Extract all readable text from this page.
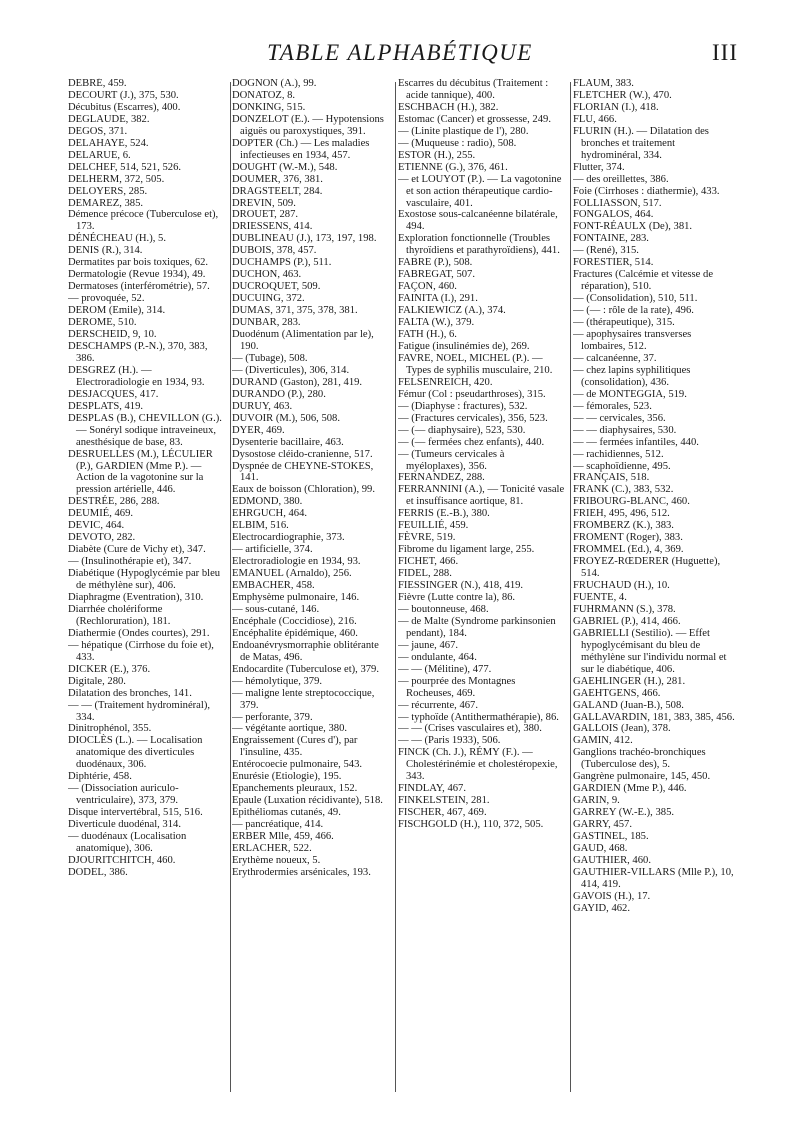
TABLE ALPHABÉTIQUE	III
DEBRÉ, 459.
DECOURT (J.), 375, 530.
Décubitus (Escarres), 400.
DEGLAUDE, 382.
DEGOS, 371.
DELAHAYE, 524.
DELARUE, 6.
DELCHEF, 514, 521, 526.
DELHERM, 372, 505.
DELOYERS, 285.
DEMAREZ, 385.
Démence précoce (Tuberculose et), 173.
DÉNÉCHEAU (H.), 5.
DENIS (R.), 314.
Dermatites par bois toxiques, 62.
Dermatologie (Revue 1934), 49.
Dermatoses (interférométrie), 57.
— provoquée, 52.
DEROM (Emile), 314.
DEROME, 510.
DERSCHEID, 9, 10.
DESCHAMPS (P.-N.), 370, 383, 386.
DESGREZ (H.). — Electroradiologie en 1934, 93.
DESJACQUES, 417.
DESPLATS, 419.
DESPLAS (B.), CHEVILLON (G.). — Sonéryl sodique intraveineux, anesthésique de base, 83.
DESRUELLES (M.), LÉCULIER (P.), GARDIEN (Mme P.). — Action de la vagotonine sur la pression artérielle, 446.
DESTRÉE, 286, 288.
DEUMIÉ, 469.
DEVIC, 464.
DEVOTO, 282.
Diabète (Cure de Vichy et), 347.
— (Insulinothérapie et), 347.
Diabétique (Hypoglycémie par bleu de méthylène sur), 406.
Diaphragme (Eventration), 310.
Diarrhée cholériforme (Rechloruration), 181.
Diathermie (Ondes courtes), 291.
— hépatique (Cirrhose du foie et), 433.
DICKER (E.), 376.
Digitale, 280.
Dilatation des bronches, 141.
— — (Traitement hydrominéral), 334.
Dinitrophénol, 355.
DIOCLÈS (L.). — Localisation anatomique des diverticules duodénaux, 306.
Diphtérie, 458.
— (Dissociation auriculo-ventriculaire), 373, 379.
Disque intervertébral, 515, 516.
Diverticule duodénal, 314.
— duodénaux (Localisation anatomique), 306.
DJOURITCHITCH, 460.
DODEL, 386.
DOGNON (A.), 99.
DONATOZ, 8.
DONKING, 515.
DONZELOT (E.). — Hypotensions aiguës ou paroxystiques, 391.
DOPTER (Ch.) — Les maladies infectieuses en 1934, 457.
DOUGHT (W.-M.), 548.
DOUMER, 376, 381.
DRAGSTEELT, 284.
DREVIN, 509.
DROUET, 287.
DRIESSENS, 414.
DUBLINEAU (J.), 173, 197, 198.
DUBOIS, 378, 457.
DUCHAMPS (P.), 511.
DUCHON, 463.
DUCROQUET, 509.
DUCUING, 372.
DUMAS, 371, 375, 378, 381.
DUNBAR, 283.
Duodénum (Alimentation par le), 190.
— (Tubage), 508.
— (Diverticules), 306, 314.
DURAND (Gaston), 281, 419.
DURANDO (P.), 280.
DURUY, 463.
DUVOIR (M.), 506, 508.
DYER, 469.
Dysenterie bacillaire, 463.
Dysostose cléido-cranienne, 517.
Dyspnée de CHEYNE-STOKES, 141.
Eaux de boisson (Chloration), 99.
EDMOND, 380.
EHRGUCH, 464.
ELBIM, 516.
Electrocardiographie, 373.
— artificielle, 374.
Electroradiologie en 1934, 93.
EMANUEL (Arnaldo), 256.
EMBACHER, 458.
Emphysème pulmonaire, 146.
— sous-cutané, 146.
Encéphale (Coccidiose), 216.
Encéphalite épidémique, 460.
Endoanévrysmorraphie oblitérante de Matas, 496.
Endocardite (Tuberculose et), 379.
— hémolytique, 379.
— maligne lente streptococcique, 379.
— perforante, 379.
— végétante aortique, 380.
Engraissement (Cures d'), par l'insuline, 435.
Entérocoecie pulmonaire, 543.
Enurésie (Etiologie), 195.
Epanchements pleuraux, 152.
Epaule (Luxation récidivante), 518.
Epithéliomas cutanés, 49.
— pancréatique, 414.
ERBER Mlle, 459, 466.
ERLACHER, 522.
Erythème noueux, 5.
Erythrodermies arsénicales, 193.
Escarres du décubitus (Traitement : acide tannique), 400.
ESCHBACH (H.), 382.
Estomac (Cancer) et grossesse, 249.
— (Linite plastique de l'), 280.
— (Muqueuse : radio), 508.
ESTOR (H.), 255.
ETIENNE (G.), 376, 461.
— et LOUYOT (P.). — La vagotonine et son action thérapeutique cardio-vasculaire, 401.
Exostose sous-calcanéenne bilatérale, 494.
Exploration fonctionnelle (Troubles thyroïdiens et parathyroïdiens), 441.
FABRE (P.), 508.
FABREGAT, 507.
FAÇON, 460.
FAINITA (I.), 291.
FALKIEWICZ (A.), 374.
FALTA (W.), 379.
FATH (H.), 6.
Fatigue (insulinémies de), 269.
FAVRE, NOEL, MICHEL (P.). — Types de syphilis musculaire, 210.
FELSENREICH, 420.
Fémur (Col : pseudarthroses), 315.
— (Diaphyse : fractures), 532.
— (Fractures cervicales), 356, 523.
— (— diaphysaire), 523, 530.
— (— fermées chez enfants), 440.
— (Tumeurs cervicales à myéloplaxes), 356.
FERNANDEZ, 288.
FERRANNINI (A.), — Tonicité vasale et insuffisance aortique, 81.
FERRIS (E.-B.), 380.
FEUILLIÉ, 459.
FÈVRE, 519.
Fibrome du ligament large, 255.
FICHET, 466.
FIDEL, 288.
FIESSINGER (N.), 418, 419.
Fièvre (Lutte contre la), 86.
— boutonneuse, 468.
— de Malte (Syndrome parkinsonien pendant), 184.
— jaune, 467.
— ondulante, 464.
— — (Mélitine), 477.
— pourprée des Montagnes Rocheuses, 469.
— récurrente, 467.
— typhoïde (Antithermathérapie), 86.
— — (Crises vasculaires et), 380.
— — (Paris 1933), 506.
FINCK (Ch. J.), RÉMY (F.). — Cholestérinémie et cholestéropexie, 343.
FINDLAY, 467.
FINKELSTEIN, 281.
FISCHER, 467, 469.
FISCHGOLD (H.), 110, 372, 505.
FLAUM, 383.
FLETCHER (W.), 470.
FLORIAN (I.), 418.
FLU, 466.
FLURIN (H.). — Dilatation des bronches et traitement hydrominéral, 334.
Flutter, 374.
— des oreillettes, 386.
Foie (Cirrhoses : diathermie), 433.
FOLLIASSON, 517.
FONGALOS, 464.
FONT-RÉAULX (De), 381.
FONTAINE, 283.
— (René), 315.
FORESTIER, 514.
Fractures (Calcémie et vitesse de réparation), 510.
— (Consolidation), 510, 511.
— (— : rôle de la rate), 496.
— (thérapeutique), 315.
— apophysaires transverses lombaires, 512.
— calcanéenne, 37.
— chez lapins syphilitiques (consolidation), 436.
— de MONTEGGIA, 519.
— fémorales, 523.
— — cervicales, 356.
— — diaphysaires, 530.
— — fermées infantiles, 440.
— rachidiennes, 512.
— scaphoïdienne, 495.
FRANÇAIS, 518.
FRANK (C.), 383, 532.
FRIBOURG-BLANC, 460.
FRIEH, 495, 496, 512.
FROMBERZ (K.), 383.
FROMENT (Roger), 383.
FROMMEL (Ed.), 4, 369.
FROYEZ-RŒDERER (Huguette), 514.
FRUCHAUD (H.), 10.
FUENTE, 4.
FUHRMANN (S.), 378.
GABRIEL (P.), 414, 466.
GABRIELLI (Sestilio). — Effet hypoglycémisant du bleu de méthylène sur l'individu normal et sur le diabétique, 406.
GAEHLINGER (H.), 281.
GAEHTGENS, 466.
GALAND (Juan-B.), 508.
GALLAVARDIN, 181, 383, 385, 456.
GALLOIS (Jean), 378.
GAMIN, 412.
Ganglions trachéo-bronchiques (Tuberculose des), 5.
Gangrène pulmonaire, 145, 450.
GARDIEN (Mme P.), 446.
GARIN, 9.
GARREY (W.-E.), 385.
GARRY, 457.
GASTINEL, 185.
GAUD, 468.
GAUTHIER, 460.
GAUTHIER-VILLARS (Mlle P.), 10, 414, 419.
GAVOIS (H.), 17.
GAYID, 462.
